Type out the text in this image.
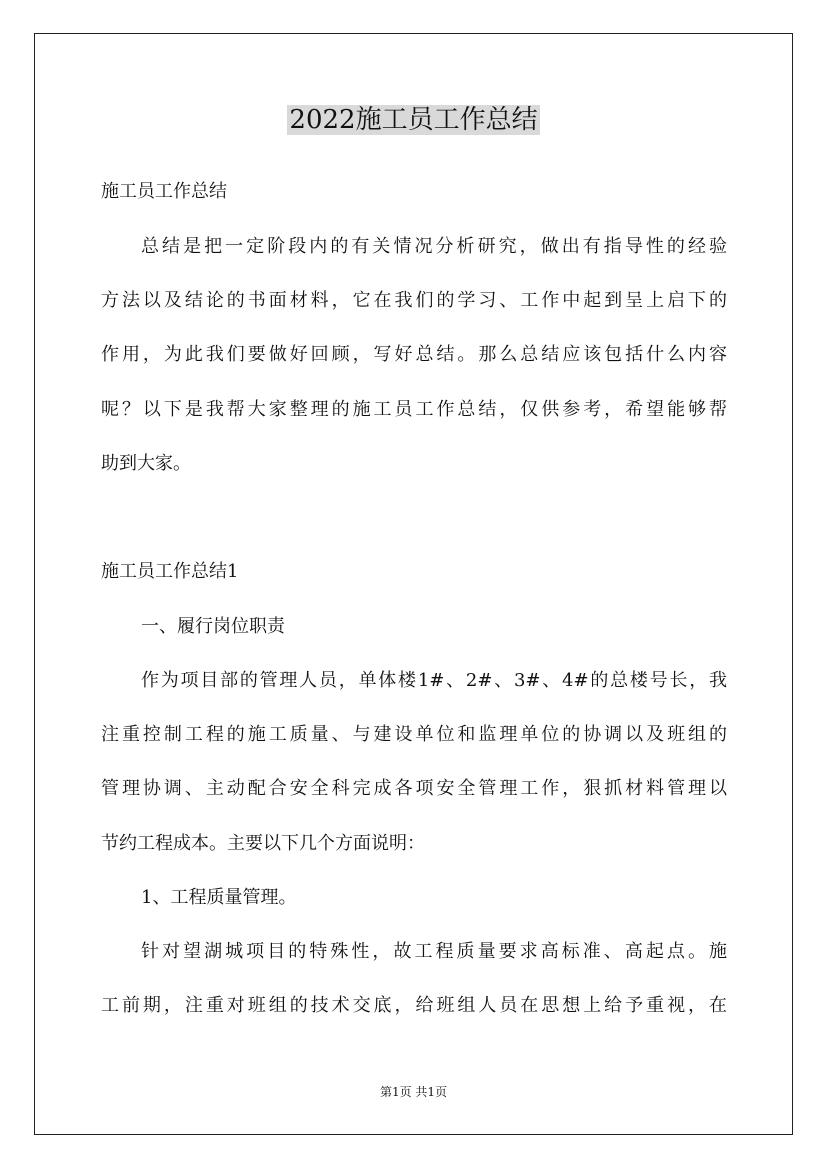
2022施工员工作总结
施工员工作总结
总结是把一定阶段内的有关情况分析研究，做出有指导性的经验
方法以及结论的书面材料，它在我们的学习、工作中起到呈上启下的
作用，为此我们要做好回顾，写好总结。那么总结应该包括什么内容
呢？以下是我帮大家整理的施工员工作总结，仅供参考，希望能够帮
助到大家。
施工员工作总结1
一、履行岗位职责
作为项目部的管理人员，单体楼1#、2#、3#、4#的总楼号长，我
注重控制工程的施工质量、与建设单位和监理单位的协调以及班组的
管理协调、主动配合安全科完成各项安全管理工作，狠抓材料管理以
节约工程成本。主要以下几个方面说明：
1、工程质量管理。
针对望湖城项目的特殊性，故工程质量要求高标准、高起点。施
工前期，注重对班组的技术交底，给班组人员在思想上给予重视，在
第1页 共1页
